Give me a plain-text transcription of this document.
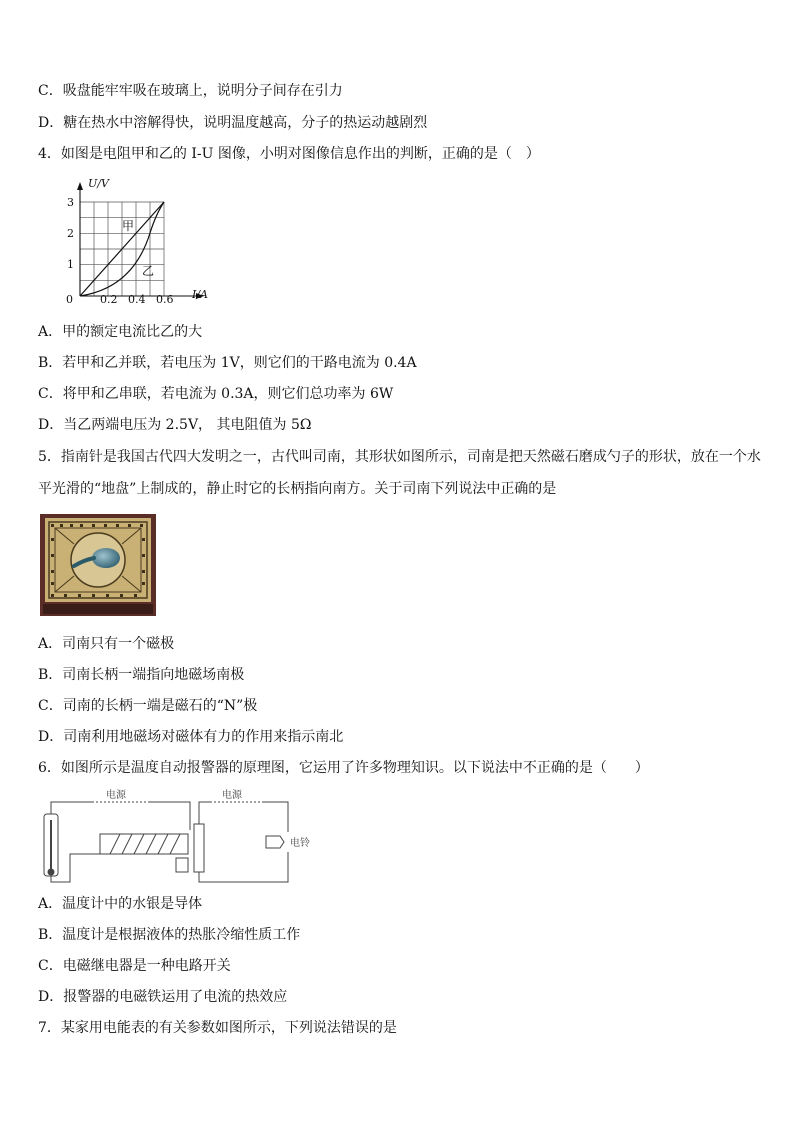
C．吸盘能牢牢吸在玻璃上，说明分子间存在引力
D．糖在热水中溶解得快，说明温度越高，分子的热运动越剧烈
4．如图是电阻甲和乙的 I-U 图像，小明对图像信息作出的判断，正确的是（　）
U/V
I/A
0
1
2
3
0.2 0.4 0.6
甲
乙
A．甲的额定电流比乙的大
B．若甲和乙并联，若电压为 1V，则它们的干路电流为 0.4A
C．将甲和乙串联，若电流为 0.3A，则它们总功率为 6W
D．当乙两端电压为 2.5V， 其电阻值为 5Ω
5．指南针是我国古代四大发明之一，古代叫司南，其形状如图所示，司南是把天然磁石磨成勺子的形状，放在一个水
平光滑的“地盘”上制成的，静止时它的长柄指向南方。关于司南下列说法中正确的是
A．司南只有一个磁极
B．司南长柄一端指向地磁场南极
C．司南的长柄一端是磁石的“N”极
D．司南利用地磁场对磁体有力的作用来指示南北
6．如图所示是温度自动报警器的原理图，它运用了许多物理知识。以下说法中不正确的是（　　）
电源	电源
电铃
A．温度计中的水银是导体
B．温度计是根据液体的热胀冷缩性质工作
C．电磁继电器是一种电路开关
D．报警器的电磁铁运用了电流的热效应
7．某家用电能表的有关参数如图所示，下列说法错误的是
